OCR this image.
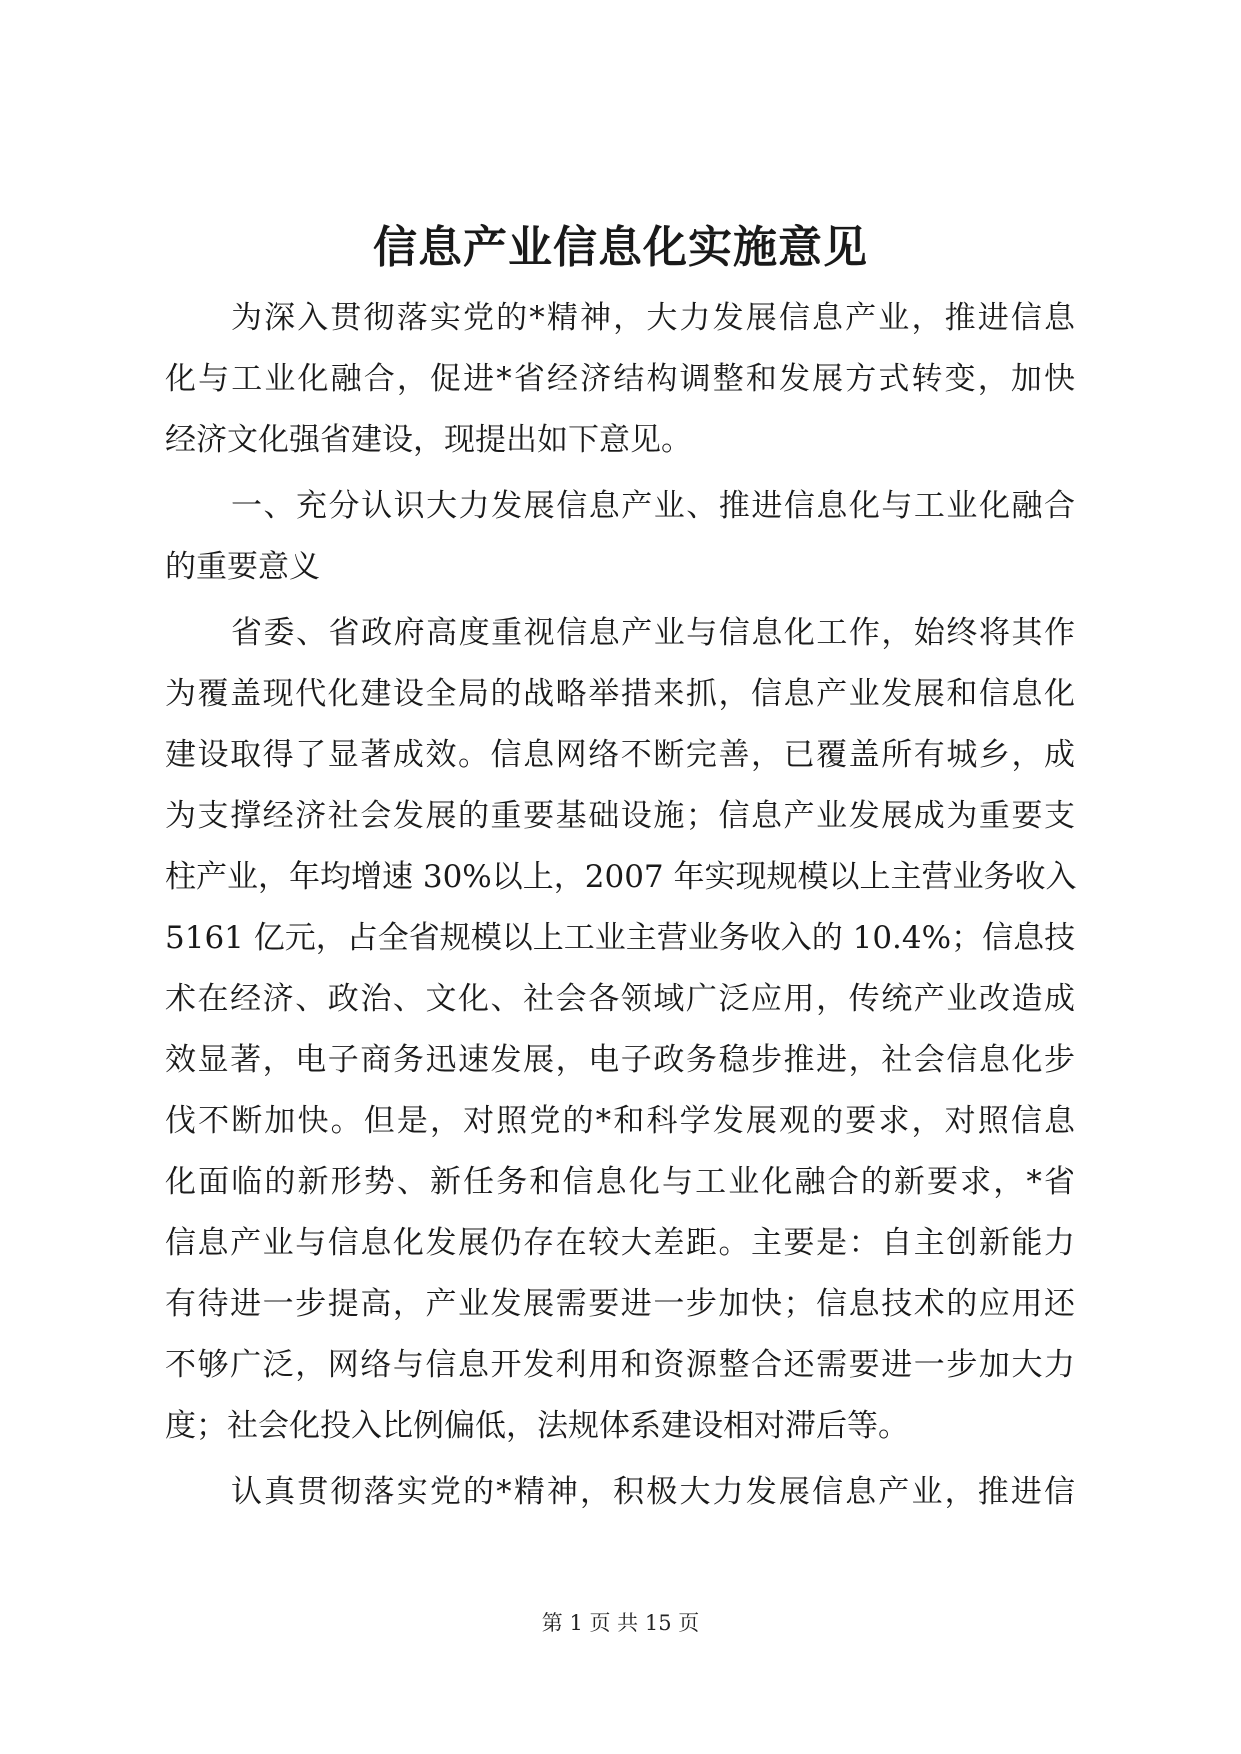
信息产业信息化实施意见
为深入贯彻落实党的*精神，大力发展信息产业，推进信息
化与工业化融合，促进*省经济结构调整和发展方式转变，加快
经济文化强省建设，现提出如下意见。
一、充分认识大力发展信息产业、推进信息化与工业化融合
的重要意义
省委、省政府高度重视信息产业与信息化工作，始终将其作
为覆盖现代化建设全局的战略举措来抓，信息产业发展和信息化
建设取得了显著成效。信息网络不断完善，已覆盖所有城乡，成
为支撑经济社会发展的重要基础设施；信息产业发展成为重要支
柱产业，年均增速 30%以上，2007 年实现规模以上主营业务收入
5161 亿元，占全省规模以上工业主营业务收入的 10.4%；信息技
术在经济、政治、文化、社会各领域广泛应用，传统产业改造成
效显著，电子商务迅速发展，电子政务稳步推进，社会信息化步
伐不断加快。但是，对照党的*和科学发展观的要求，对照信息
化面临的新形势、新任务和信息化与工业化融合的新要求，*省
信息产业与信息化发展仍存在较大差距。主要是：自主创新能力
有待进一步提高，产业发展需要进一步加快；信息技术的应用还
不够广泛，网络与信息开发利用和资源整合还需要进一步加大力
度；社会化投入比例偏低，法规体系建设相对滞后等。
认真贯彻落实党的*精神，积极大力发展信息产业，推进信
第 1 页 共 15 页
